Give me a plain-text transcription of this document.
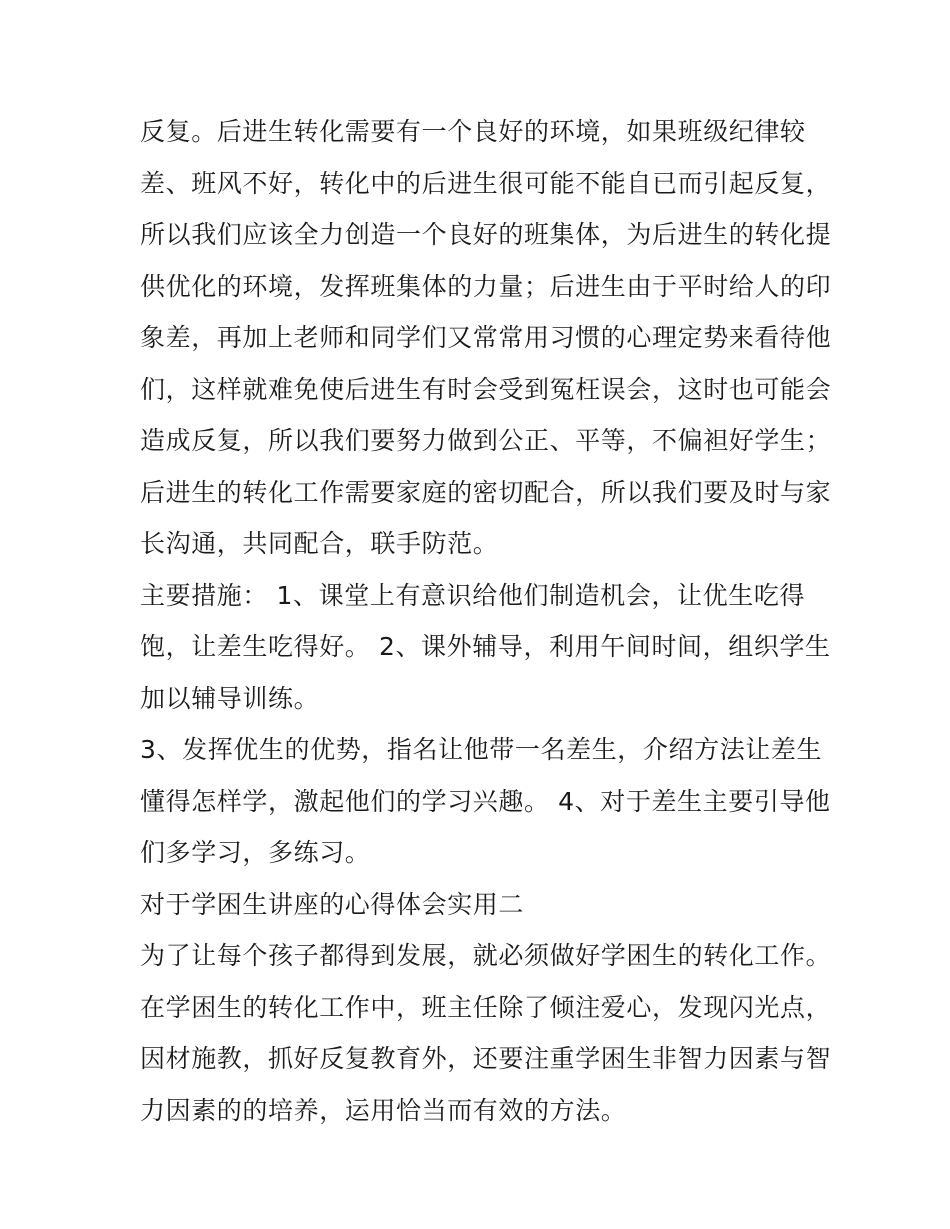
反复。后进生转化需要有一个良好的环境，如果班级纪律较
差、班风不好，转化中的后进生很可能不能自已而引起反复，
所以我们应该全力创造一个良好的班集体，为后进生的转化提
供优化的环境，发挥班集体的力量；后进生由于平时给人的印
象差，再加上老师和同学们又常常用习惯的心理定势来看待他
们，这样就难免使后进生有时会受到冤枉误会，这时也可能会
造成反复，所以我们要努力做到公正、平等，不偏袒好学生；
后进生的转化工作需要家庭的密切配合，所以我们要及时与家
长沟通，共同配合，联手防范。
主要措施： 1、课堂上有意识给他们制造机会，让优生吃得
饱，让差生吃得好。 2、课外辅导，利用午间时间，组织学生
加以辅导训练。
3、发挥优生的优势，指名让他带一名差生，介绍方法让差生
懂得怎样学，激起他们的学习兴趣。 4、对于差生主要引导他
们多学习，多练习。
对于学困生讲座的心得体会实用二
为了让每个孩子都得到发展，就必须做好学困生的转化工作。
在学困生的转化工作中，班主任除了倾注爱心，发现闪光点，
因材施教，抓好反复教育外，还要注重学困生非智力因素与智
力因素的的培养，运用恰当而有效的方法。
